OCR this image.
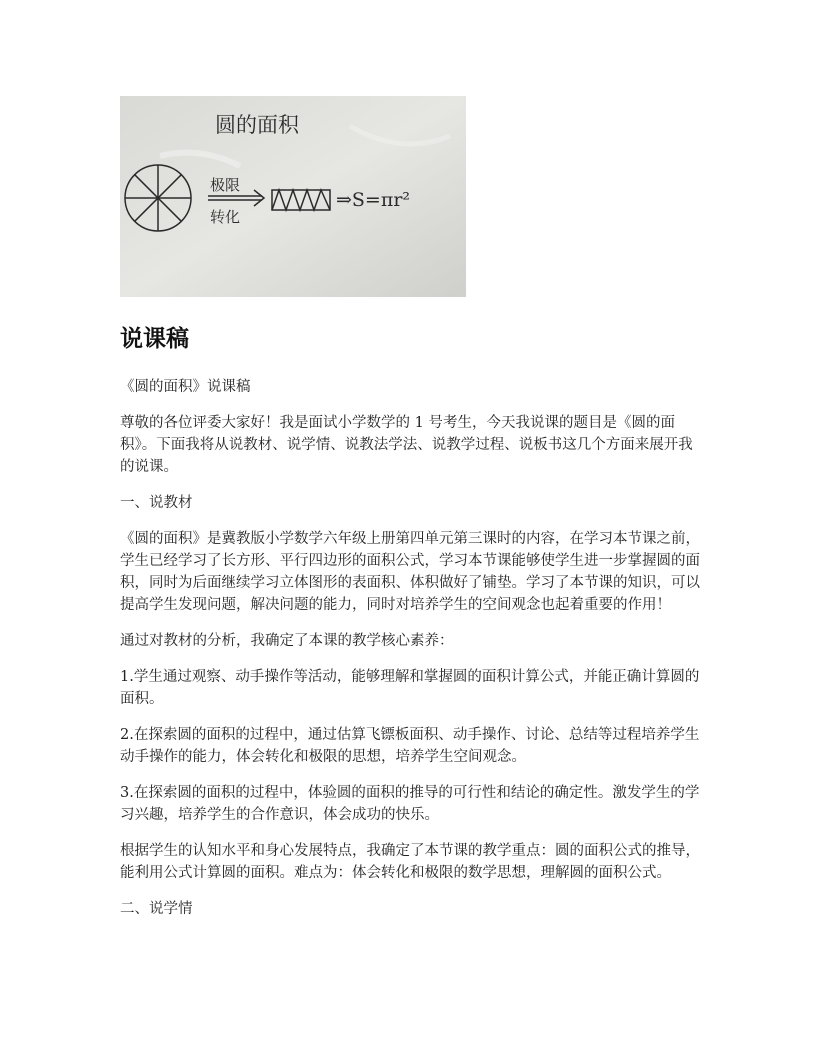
圆的面积
极限
转化
⇒S=πr²
说课稿

《圆的面积》说课稿

尊敬的各位评委大家好！我是面试小学数学的 1 号考生，今天我说课的题目是《圆的面积》。下面我将从说教材、说学情、说教法学法、说教学过程、说板书这几个方面来展开我的说课。

一、说教材

《圆的面积》是冀教版小学数学六年级上册第四单元第三课时的内容，在学习本节课之前，学生已经学习了长方形、平行四边形的面积公式，学习本节课能够使学生进一步掌握圆的面积，同时为后面继续学习立体图形的表面积、体积做好了铺垫。学习了本节课的知识，可以提高学生发现问题，解决问题的能力，同时对培养学生的空间观念也起着重要的作用！

通过对教材的分析，我确定了本课的教学核心素养：

1.学生通过观察、动手操作等活动，能够理解和掌握圆的面积计算公式，并能正确计算圆的面积。

2.在探索圆的面积的过程中，通过估算飞镖板面积、动手操作、讨论、总结等过程培养学生动手操作的能力，体会转化和极限的思想，培养学生空间观念。

3.在探索圆的面积的过程中，体验圆的面积的推导的可行性和结论的确定性。激发学生的学习兴趣，培养学生的合作意识，体会成功的快乐。

根据学生的认知水平和身心发展特点，我确定了本节课的教学重点：圆的面积公式的推导，能利用公式计算圆的面积。难点为：体会转化和极限的数学思想，理解圆的面积公式。

二、说学情
